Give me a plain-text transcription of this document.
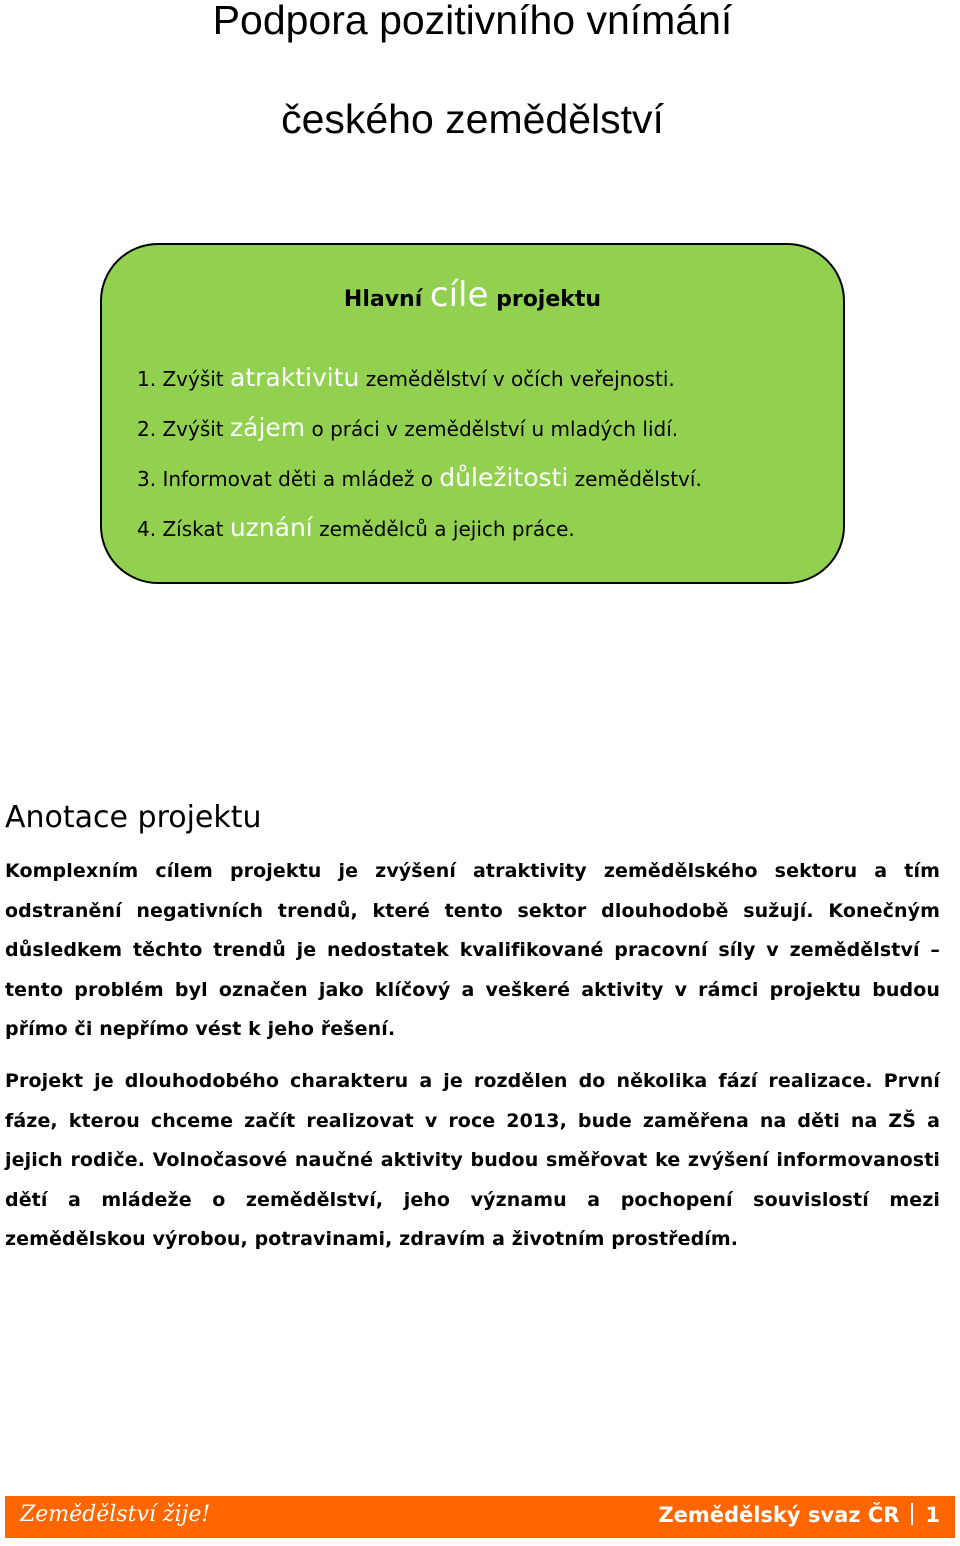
Podpora pozitivního vnímání
českého zemědělství
Hlavní cíle projektu
1. Zvýšit atraktivitu zemědělství v očích veřejnosti.
2. Zvýšit zájem o práci v zemědělství u mladých lidí.
3. Informovat děti a mládež o důležitosti zemědělství.
4. Získat uznání zemědělců a jejich práce.
Anotace projektu

Komplexním cílem projektu je zvýšení atraktivity zemědělského sektoru a tím odstranění negativních trendů, které tento sektor dlouhodobě sužují. Konečným důsledkem těchto trendů je nedostatek kvalifikované pracovní síly v zemědělství – tento problém byl označen jako klíčový a veškeré aktivity v rámci projektu budou přímo či nepřímo vést k jeho řešení.

Projekt je dlouhodobého charakteru a je rozdělen do několika fází realizace. První fáze, kterou chceme začít realizovat v roce 2013, bude zaměřena na děti na ZŠ a jejich rodiče. Volnočasové naučné aktivity budou směřovat ke zvýšení informovanosti dětí a mládeže o zemědělství, jeho významu a pochopení souvislostí mezi zemědělskou výrobou, potravinami, zdravím a životním prostředím.

Zemědělství žije!	Zemědělský svaz ČR 1
